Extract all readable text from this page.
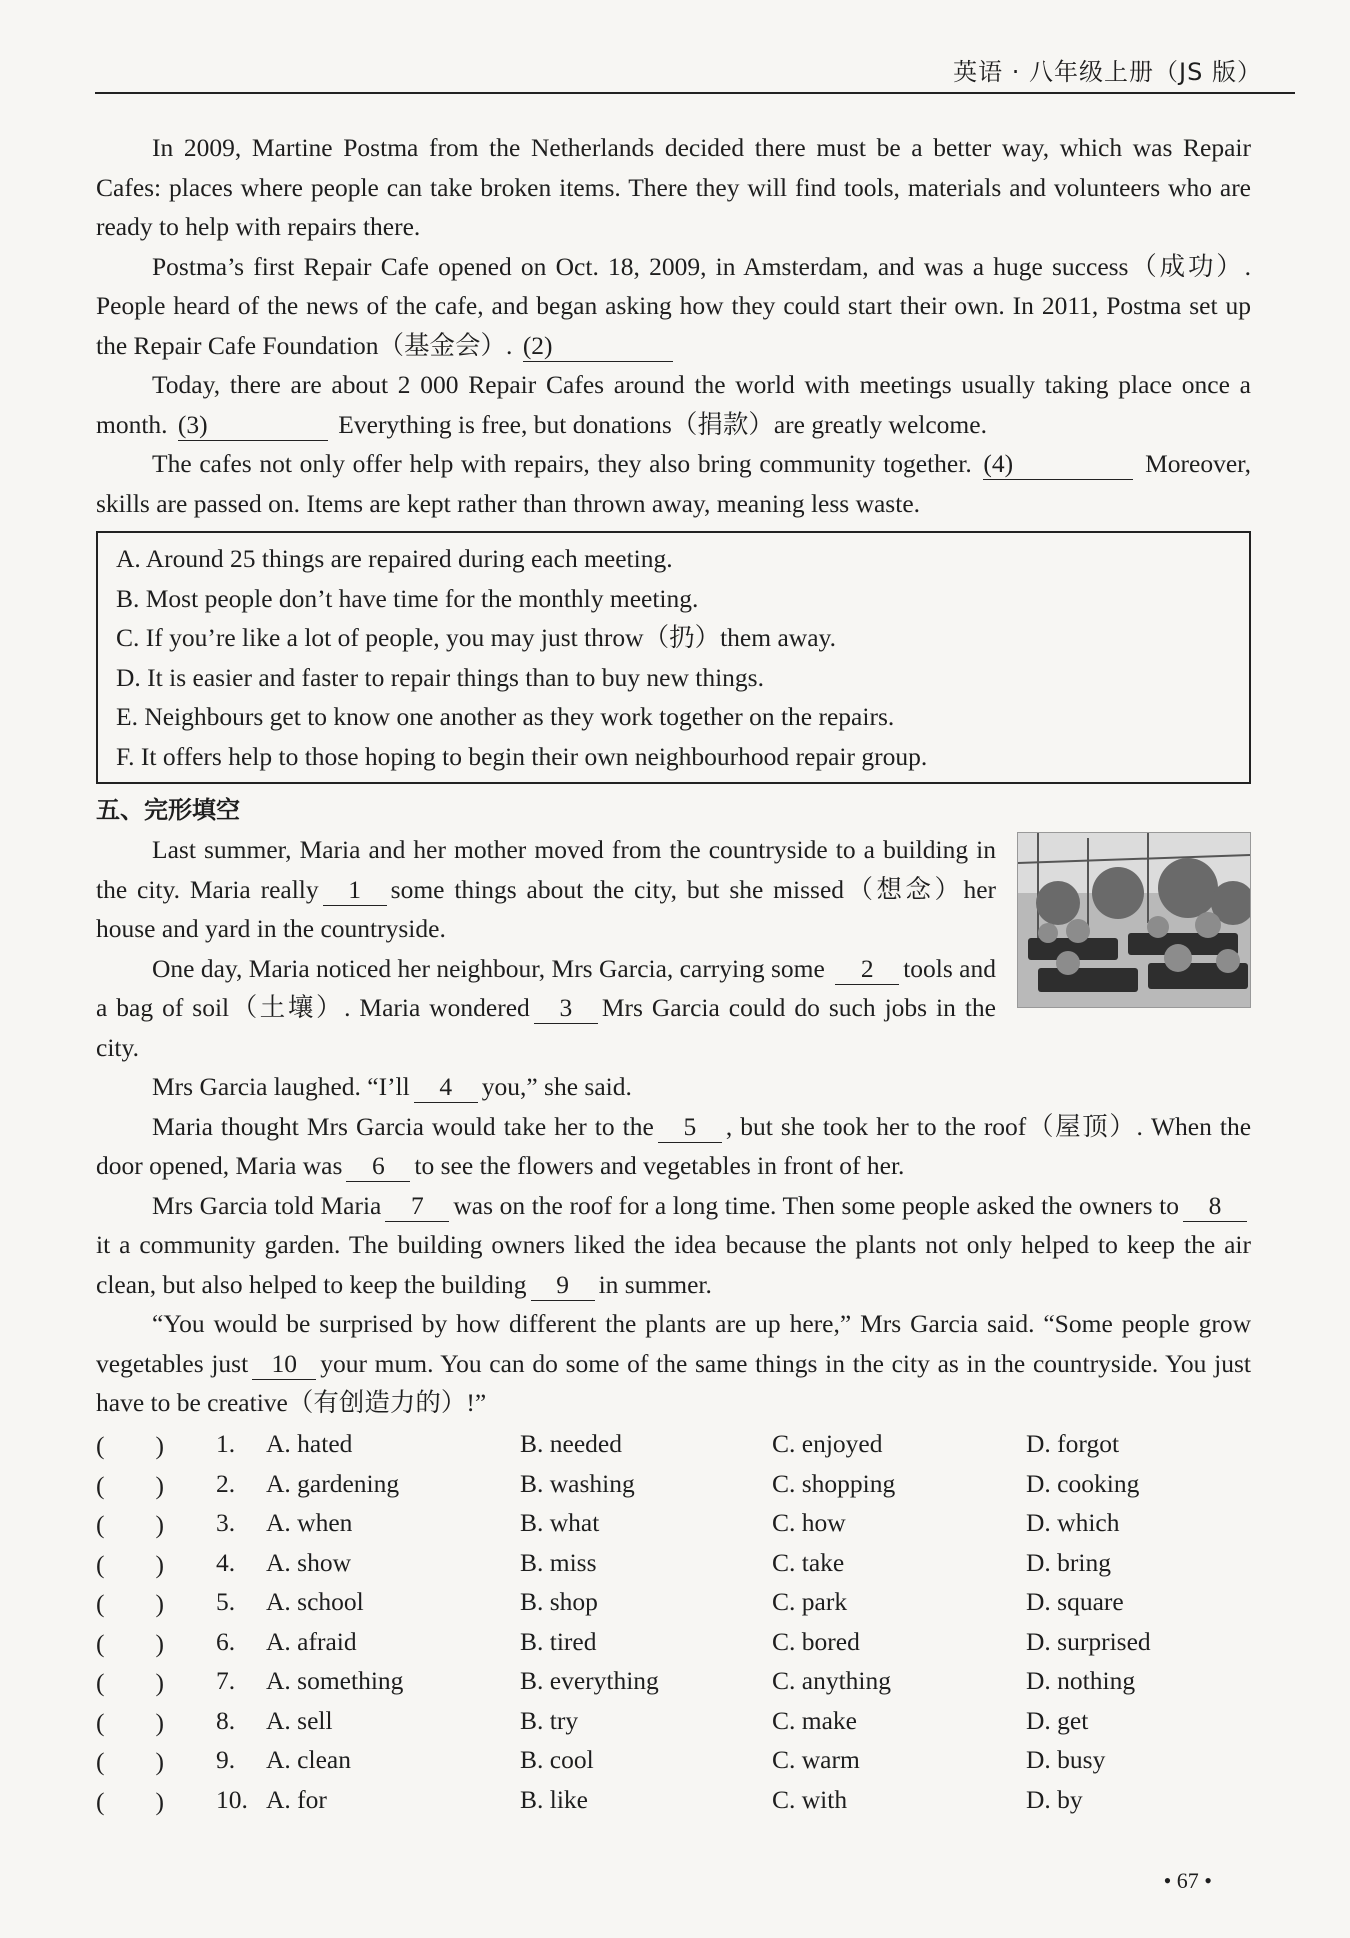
英语 · 八年级上册（JS 版）

In 2009, Martine Postma from the Netherlands decided there must be a better way, which was Repair Cafes: places where people can take broken items. There they will find tools, materials and volunteers who are ready to help with repairs there.

Postma’s first Repair Cafe opened on Oct. 18, 2009, in Amsterdam, and was a huge success（成功）. People heard of the news of the cafe, and began asking how they could start their own. In 2011, Postma set up the Repair Cafe Foundation（基金会）. (2)

Today, there are about 2 000 Repair Cafes around the world with meetings usually taking place once a month. (3)	Everything is free, but donations（捐款）are greatly welcome.

The cafes not only offer help with repairs, they also bring community together. (4)	Moreover, skills are passed on. Items are kept rather than thrown away, meaning less waste.

A. Around 25 things are repaired during each meeting.
B. Most people don’t have time for the monthly meeting.
C. If you’re like a lot of people, you may just throw（扔）them away.
D. It is easier and faster to repair things than to buy new things.
E. Neighbours get to know one another as they work together on the repairs.
F. It offers help to those hoping to begin their own neighbourhood repair group.

五、完形填空

Last summer, Maria and her mother moved from the countryside to a building in the city. Maria really 1 some things about the city, but she missed（想念）her house and yard in the countryside.

One day, Maria noticed her neighbour, Mrs Garcia, carrying some 2 tools and a bag of soil（土壤）. Maria wondered 3 Mrs Garcia could do such jobs in the city.

Mrs Garcia laughed. “I’ll 4 you,” she said.

Maria thought Mrs Garcia would take her to the 5 , but she took her to the roof（屋顶）. When the door opened, Maria was 6 to see the flowers and vegetables in front of her.

Mrs Garcia told Maria 7 was on the roof for a long time. Then some people asked the owners to 8it a community garden. The building owners liked the idea because the plants not only helped to keep the air clean, but also helped to keep the building 9 in summer.

“You would be surprised by how different the plants are up here,” Mrs Garcia said. “Some people grow vegetables just 10 your mum. You can do some of the same things in the city as in the countryside. You just have to be creative（有创造力的）!”

(　　)	1.	A. hated	B. needed	C. enjoyed	D. forgot
(　　)	2.	A. gardening	B. washing	C. shopping	D. cooking
(　　)	3.	A. when	B. what	C. how	D. which
(　　)	4.	A. show	B. miss	C. take	D. bring
(　　)	5.	A. school	B. shop	C. park	D. square
(　　)	6.	A. afraid	B. tired	C. bored	D. surprised
(　　)	7.	A. something	B. everything	C. anything	D. nothing
(　　)	8.	A. sell	B. try	C. make	D. get
(　　)	9.	A. clean	B. cool	C. warm	D. busy
(　　)	10.	A. for	B. like	C. with	D. by
• 67 •
